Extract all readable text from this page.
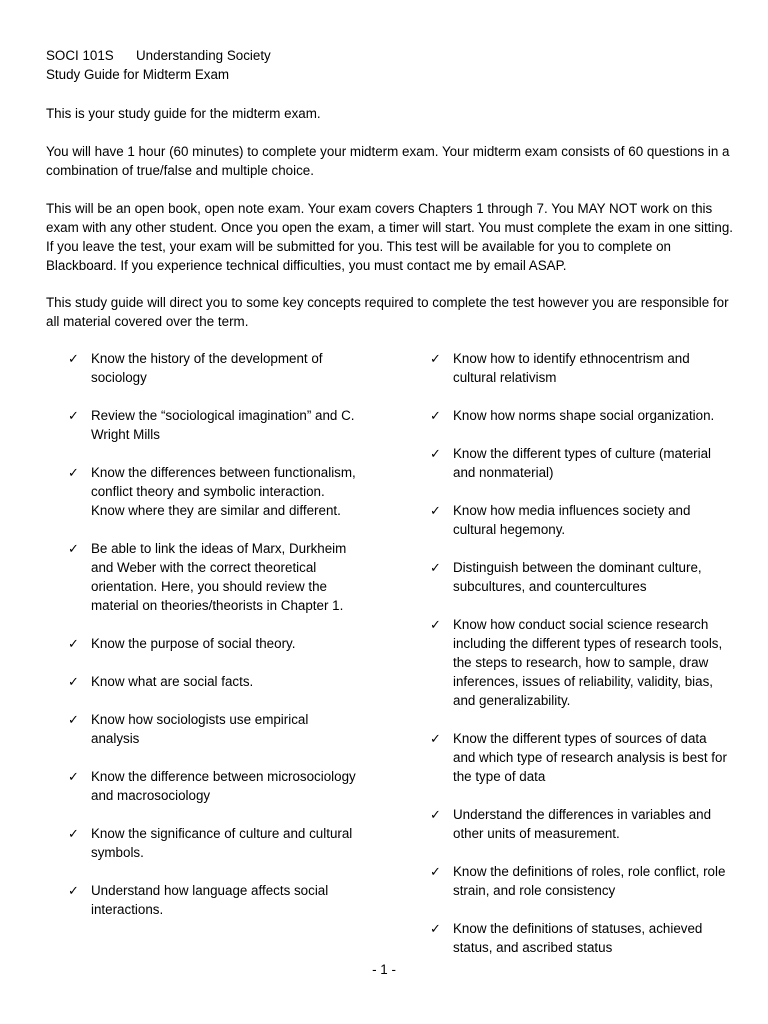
SOCI 101S Understanding Society
Study Guide for Midterm Exam

This is your study guide for the midterm exam.

You will have 1 hour (60 minutes) to complete your midterm exam. Your midterm exam consists of 60 questions in a combination of true/false and multiple choice.

This will be an open book, open note exam. Your exam covers Chapters 1 through 7. You MAY NOT work on this exam with any other student. Once you open the exam, a timer will start. You must complete the exam in one sitting. If you leave the test, your exam will be submitted for you. This test will be available for you to complete on Blackboard. If you experience technical difficulties, you must contact me by email ASAP.

This study guide will direct you to some key concepts required to complete the test however you are responsible for all material covered over the term.

✓ Know the history of the development of sociology
✓ Review the “sociological imagination” and C. Wright Mills
✓ Know the differences between functionalism, conflict theory and symbolic interaction. Know where they are similar and different.
✓ Be able to link the ideas of Marx, Durkheim and Weber with the correct theoretical orientation. Here, you should review the material on theories/theorists in Chapter 1.
✓ Know the purpose of social theory.
✓ Know what are social facts.
✓ Know how sociologists use empirical analysis
✓ Know the difference between microsociology and macrosociology
✓ Know the significance of culture and cultural symbols.
✓ Understand how language affects social interactions.
✓ Know how to identify ethnocentrism and cultural relativism
✓ Know how norms shape social organization.
✓ Know the different types of culture (material and nonmaterial)
✓ Know how media influences society and cultural hegemony.
✓ Distinguish between the dominant culture, subcultures, and countercultures
✓ Know how conduct social science research including the different types of research tools, the steps to research, how to sample, draw inferences, issues of reliability, validity, bias, and generalizability.
✓ Know the different types of sources of data and which type of research analysis is best for the type of data
✓ Understand the differences in variables and other units of measurement.
✓ Know the definitions of roles, role conflict, role strain, and role consistency
✓ Know the definitions of statuses, achieved status, and ascribed status
- 1 -
